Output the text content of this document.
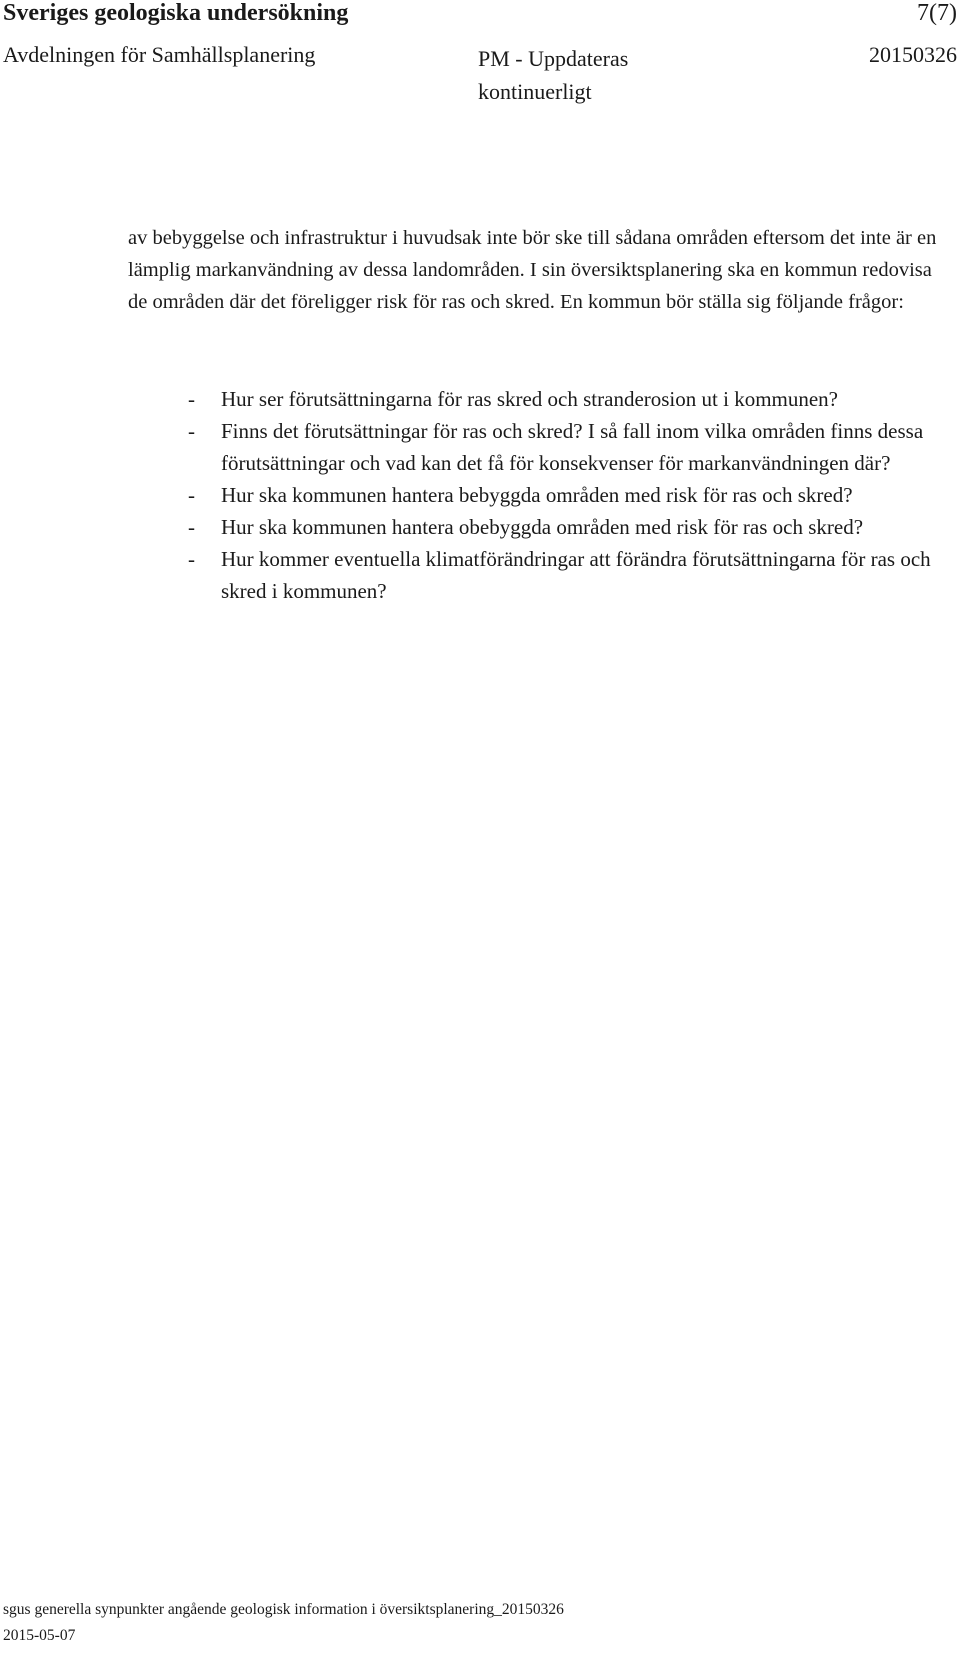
Sveriges geologiska undersökning	7(7)
Avdelningen för Samhällsplanering	PM - Uppdateras kontinuerligt
20150326

av bebyggelse och infrastruktur i huvudsak inte bör ske till sådana områden eftersom det inte är en lämplig markanvändning av dessa landområden. I sin översiktsplanering ska en kommun redovisa de områden där det föreligger risk för ras och skred. En kommun bör ställa sig följande frågor:

- Hur ser förutsättningarna för ras skred och stranderosion ut i kommunen?
- Finns det förutsättningar för ras och skred? I så fall inom vilka områden finns dessa förutsättningar och vad kan det få för konsekvenser för markanvändningen där?
- Hur ska kommunen hantera bebyggda områden med risk för ras och skred?
- Hur ska kommunen hantera obebyggda områden med risk för ras och skred?
- Hur kommer eventuella klimatförändringar att förändra förutsättningarna för ras och skred i kommunen?
sgus generella synpunkter angående geologisk information i översiktsplanering_20150326
2015-05-07
